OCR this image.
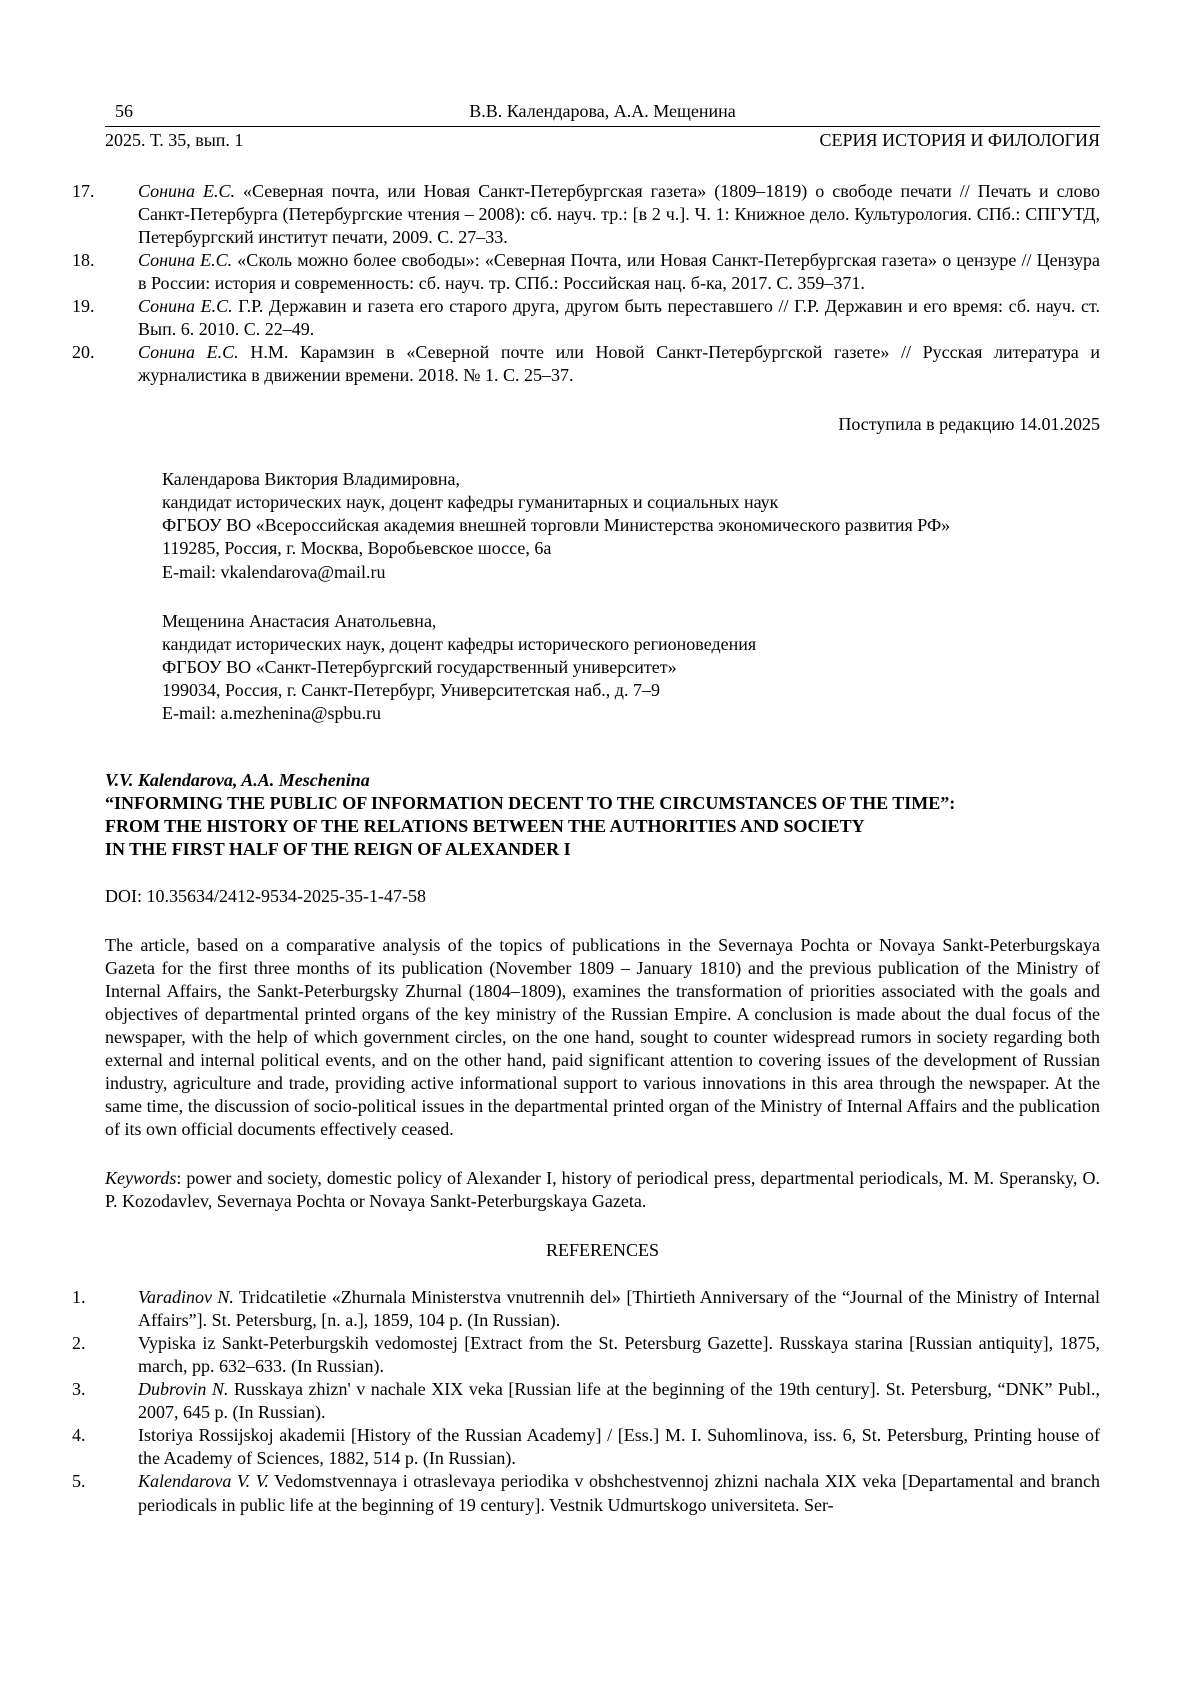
56	В.В. Календарова, А.А. Мещенина
2025. Т. 35, вып. 1	СЕРИЯ ИСТОРИЯ И ФИЛОЛОГИЯ
17. Сонина Е.С. «Северная почта, или Новая Санкт-Петербургская газета» (1809–1819) о свободе печати // Печать и слово Санкт-Петербурга (Петербургские чтения – 2008): сб. науч. тр.: [в 2 ч.]. Ч. 1: Книжное дело. Культурология. СПб.: СПГУТД, Петербургский институт печати, 2009. С. 27–33.
18. Сонина Е.С. «Сколь можно более свободы»: «Северная Почта, или Новая Санкт-Петербургская газета» о цензуре // Цензура в России: история и современность: сб. науч. тр. СПб.: Российская нац. б-ка, 2017. С. 359–371.
19. Сонина Е.С. Г.Р. Державин и газета его старого друга, другом быть переставшего // Г.Р. Державин и его время: сб. науч. ст. Вып. 6. 2010. С. 22–49.
20. Сонина Е.С. Н.М. Карамзин в «Северной почте или Новой Санкт-Петербургской газете» // Русская литература и журналистика в движении времени. 2018. № 1. С. 25–37.
Поступила в редакцию 14.01.2025
Календарова Виктория Владимировна,
кандидат исторических наук, доцент кафедры гуманитарных и социальных наук
ФГБОУ ВО «Всероссийская академия внешней торговли Министерства экономического развития РФ»
119285, Россия, г. Москва, Воробьевское шоссе, 6а
E-mail: vkalendarova@mail.ru
Мещенина Анастасия Анатольевна,
кандидат исторических наук, доцент кафедры исторического регионоведения
ФГБОУ ВО «Санкт-Петербургский государственный университет»
199034, Россия, г. Санкт-Петербург, Университетская наб., д. 7–9
E-mail: a.mezhenina@spbu.ru
V.V. Kalendarova, A.A. Meschenina
“INFORMING THE PUBLIC OF INFORMATION DECENT TO THE CIRCUMSTANCES OF THE TIME”:
FROM THE HISTORY OF THE RELATIONS BETWEEN THE AUTHORITIES AND SOCIETY
IN THE FIRST HALF OF THE REIGN OF ALEXANDER I
DOI: 10.35634/2412-9534-2025-35-1-47-58
The article, based on a comparative analysis of the topics of publications in the Severnaya Pochta or Novaya Sankt-Peterburgskaya Gazeta for the first three months of its publication (November 1809 – January 1810) and the previous publication of the Ministry of Internal Affairs, the Sankt-Peterburgsky Zhurnal (1804–1809), examines the transformation of priorities associated with the goals and objectives of departmental printed organs of the key ministry of the Russian Empire. A conclusion is made about the dual focus of the newspaper, with the help of which government circles, on the one hand, sought to counter widespread rumors in society regarding both external and internal political events, and on the other hand, paid significant attention to covering issues of the development of Russian industry, agriculture and trade, providing active informational support to various innovations in this area through the newspaper. At the same time, the discussion of socio-political issues in the departmental printed organ of the Ministry of Internal Affairs and the publication of its own official documents effectively ceased.
Keywords: power and society, domestic policy of Alexander I, history of periodical press, departmental periodicals, M. M. Speransky, O. P. Kozodavlev, Severnaya Pochta or Novaya Sankt-Peterburgskaya Gazeta.
REFERENCES
1.	Varadinov N. Tridcatiletie «Zhurnala Ministerstva vnutrennih del» [Thirtieth Anniversary of the “Journal of the Ministry of Internal Affairs”]. St. Petersburg, [n. a.], 1859, 104 p. (In Russian).
2.	Vypiska iz Sankt-Peterburgskih vedomostej [Extract from the St. Petersburg Gazette]. Russkaya starina [Russian antiquity], 1875, march, pp. 632–633. (In Russian).
3.	Dubrovin N. Russkaya zhizn' v nachale XIX veka [Russian life at the beginning of the 19th century]. St. Petersburg, “DNK” Publ., 2007, 645 p. (In Russian).
4.	Istoriya Rossijskoj akademii [History of the Russian Academy] / [Ess.] M. I. Suhomlinova, iss. 6, St. Petersburg, Printing house of the Academy of Sciences, 1882, 514 p. (In Russian).
5.	Kalendarova V. V. Vedomstvennaya i otraslevaya periodika v obshchestvennoj zhizni nachala XIX veka [Departamental and branch periodicals in public life at the beginning of 19 century]. Vestnik Udmurtskogo universiteta. Ser-
